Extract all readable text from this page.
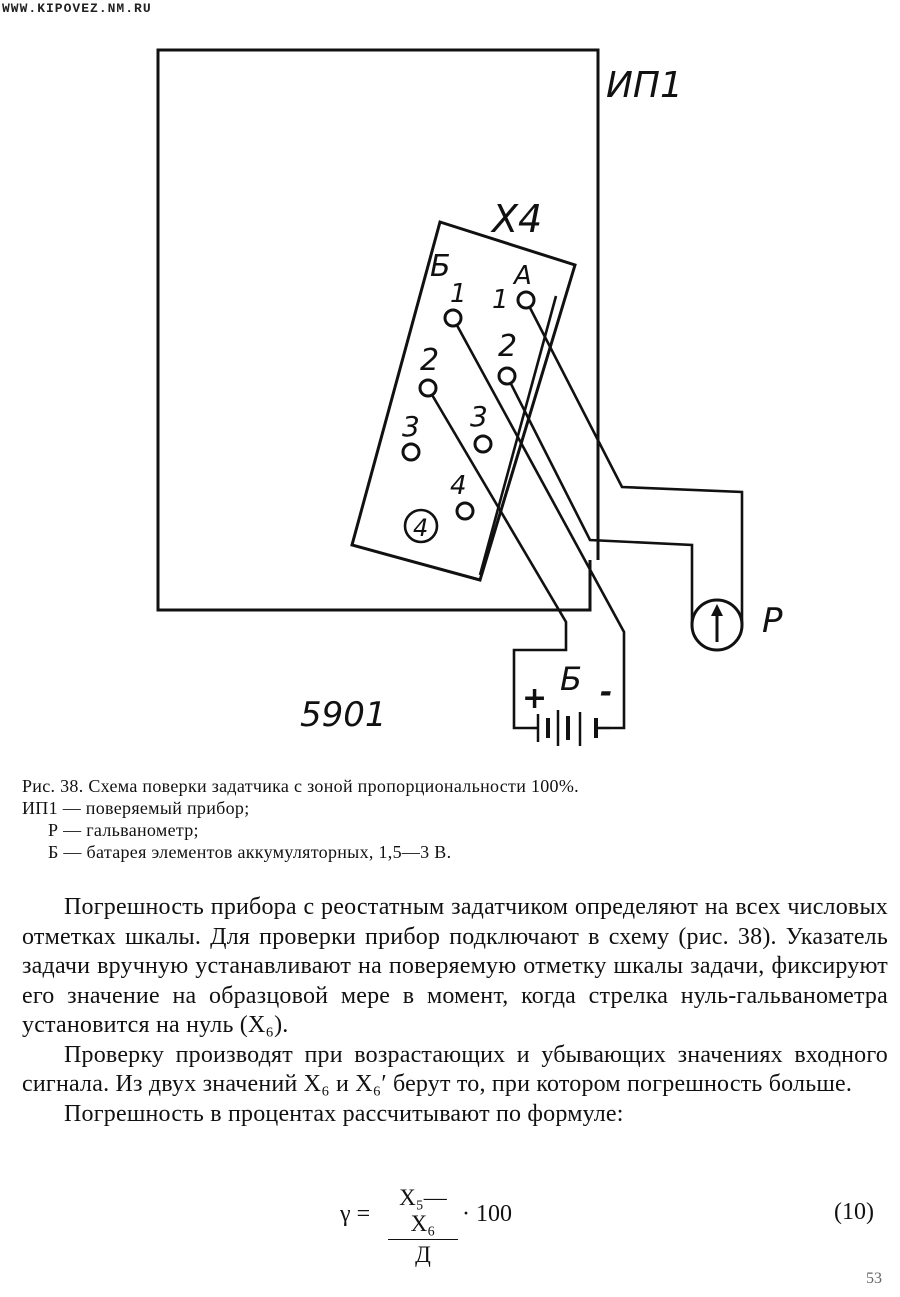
WWW.KIPOVEZ.NM.RU
ИП1
Х4
Б А
1
2
3
4
1
2
3
4
Р
Б
+ -
5901
Рис. 38. Схема поверки задатчика с зоной пропорциональности 100%.
ИП1 — поверяемый прибор;
Р — гальванометр;
Б — батарея элементов аккумуляторных, 1,5—3 В.

Погрешность прибора с реостатным задатчиком определяют на всех числовых отметках шкалы. Для проверки прибор подключают в схему (рис. 38). Указатель задачи вручную устанавливают на поверяемую отметку шкалы задачи, фиксируют его значение на образцовой мере в момент, когда стрелка нуль-гальванометра установится на нуль (Х₆).

Проверку производят при возрастающих и убывающих значениях входного сигнала. Из двух значений Х₆ и Х₆′ берут то, при котором погрешность больше.

Погрешность в процентах рассчитывают по формуле:

γ =
Х₅—Х₆
Д
· 100	(10)
53
